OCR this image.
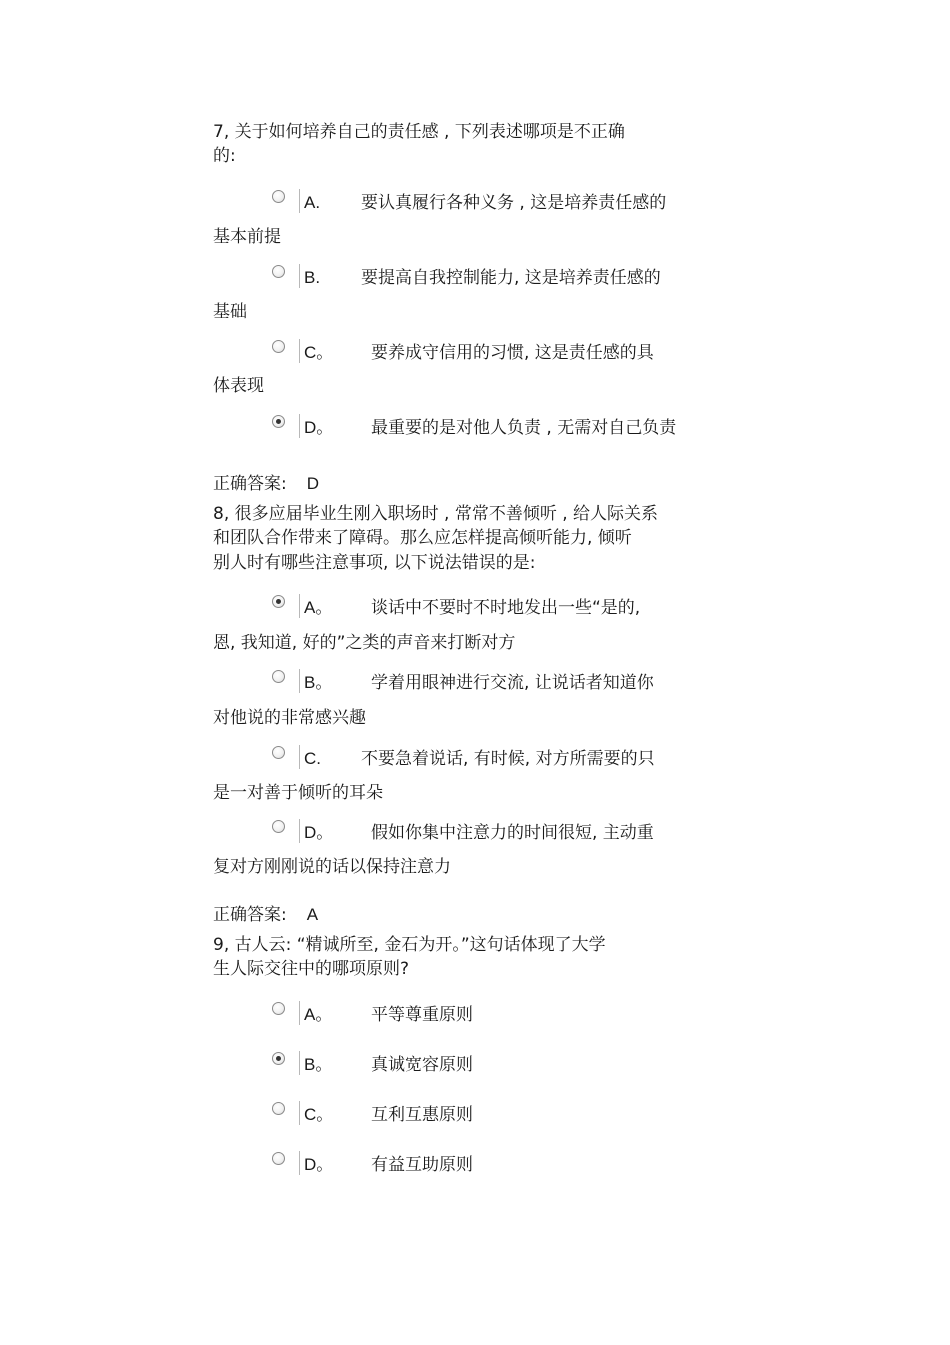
7, 关于如何培养自己的责任感 , 下列表述哪项是不正确
的:
A. 要认真履行各种义务 , 这是培养责任感的
基本前提
B. 要提高自我控制能力, 这是培养责任感的
基础
C。 要养成守信用的习惯, 这是责任感的具
体表现
D。 最重要的是对他人负责 , 无需对自己负责
正确答案: D
8, 很多应届毕业生刚入职场时 , 常常不善倾听 , 给人际关系
和团队合作带来了障碍。那么应怎样提高倾听能力, 倾听
别人时有哪些注意事项, 以下说法错误的是:
A。 谈话中不要时不时地发出一些“是的,
恩, 我知道, 好的”之类的声音来打断对方
B。 学着用眼神进行交流, 让说话者知道你
对他说的非常感兴趣
C. 不要急着说话, 有时候, 对方所需要的只
是一对善于倾听的耳朵
D。 假如你集中注意力的时间很短, 主动重
复对方刚刚说的话以保持注意力
正确答案: A
9, 古人云: “精诚所至, 金石为开。”这句话体现了大学
生人际交往中的哪项原则?
A。 平等尊重原则
B。 真诚宽容原则
C。 互利互惠原则
D。 有益互助原则
